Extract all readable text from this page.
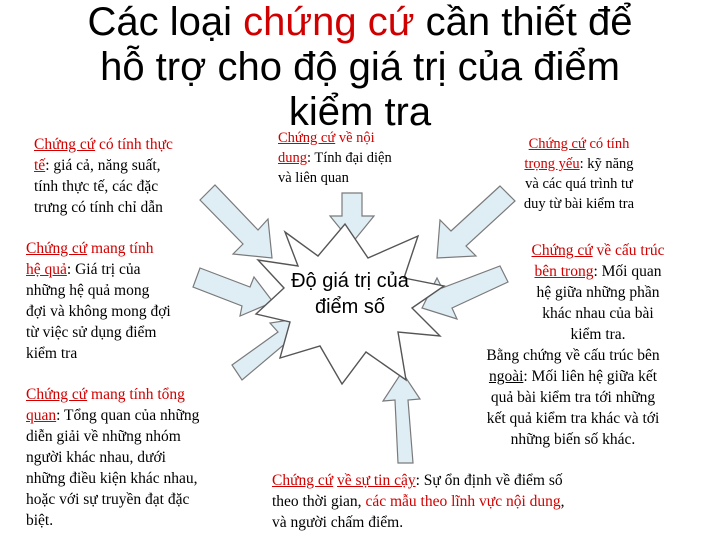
Các loại chứng cứ cần thiết để
hỗ trợ cho độ giá trị của điểm
kiểm tra
Độ giá trị của
điểm số
Chứng cứ có tính thực
tế: giá cả, năng suất,
tính thực tế, các đặc
trưng có tính chỉ dẫn
Chứng cứ về nội
dung: Tính đại diện
và liên quan
Chứng cứ có tính
trọng yếu: kỹ năng
và các quá trình tư
duy từ bài kiểm tra
Chứng cứ mang tính
hệ quả: Giá trị của
những hệ quả mong
đợi và không mong đợi
từ việc sử dụng điểm
kiểm tra
Chứng cứ mang tính tổng
quan: Tổng quan của những
diễn giải về những nhóm
người khác nhau, dưới
những điều kiện khác nhau,
hoặc với sự truyền đạt đặc
biệt.
Chứng cứ về cấu trúc
bên trong: Mối quan
hệ giữa những phần
khác nhau của bài
kiểm tra.
Bằng chứng về cấu trúc bên
ngoài: Mối liên hệ giữa kết
quả bài kiểm tra tới những
kết quả kiểm tra khác và tới
những biến số khác.
Chứng cứ về sự tin cậy: Sự ổn định về điểm số
theo thời gian, các mẫu theo lĩnh vực nội dung,
và người chấm điểm.
